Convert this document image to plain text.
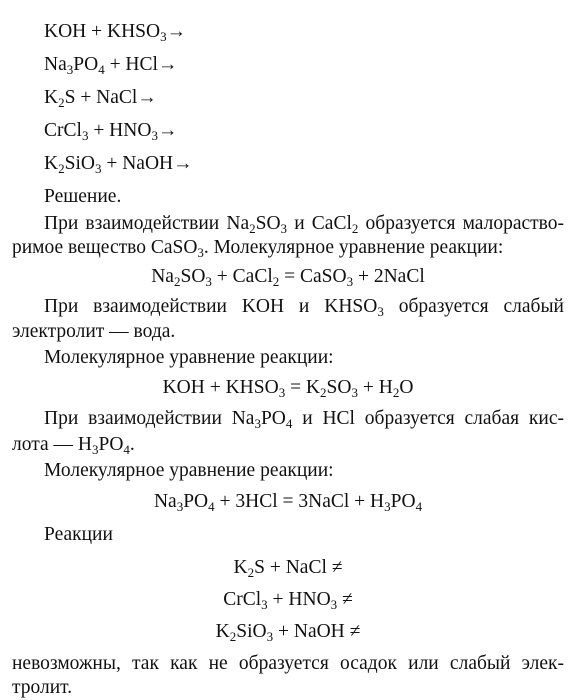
KOH + $KHSO_3\to$
$Na_3PO_4 + HCl\to$
$K_2S$ + NaCl→
CrCl$_3$ + $HNO_3\to$
$K_2SiO_3$ + NaOH→
Решение.
При взаимодействии $Na_2SO_3$ и CaCl$_2$ образуется малораство-
римое вещество CaSO$_3$. Молекулярное уравнение реакции:
$Na_2SO_3$ + CaCl$_2$ = CaSO$_3$ + 2NaCl
При взаимодействии KOH и $KHSO_3$ образуется слабый
электролит — вода.
Молекулярное уравнение реакции:
KOH + $KHSO_3 = K_2SO_3 + H_2O$
При взаимодействии $Na_3PO_4$ и HCl образуется слабая кис-
лота — $H_3PO_4$.
Молекулярное уравнение реакции:
$Na_3PO_4 + 3HCl$ = 3NaCl + $H_3PO_4$
Реакции
$K_2S$ + NaCl ≠
CrCl$_3$ + $HNO_3$ ≠
$K_2SiO_3$ + NaOH ≠
невозможны, так как не образуется осадок или слабый элек-
тролит.
